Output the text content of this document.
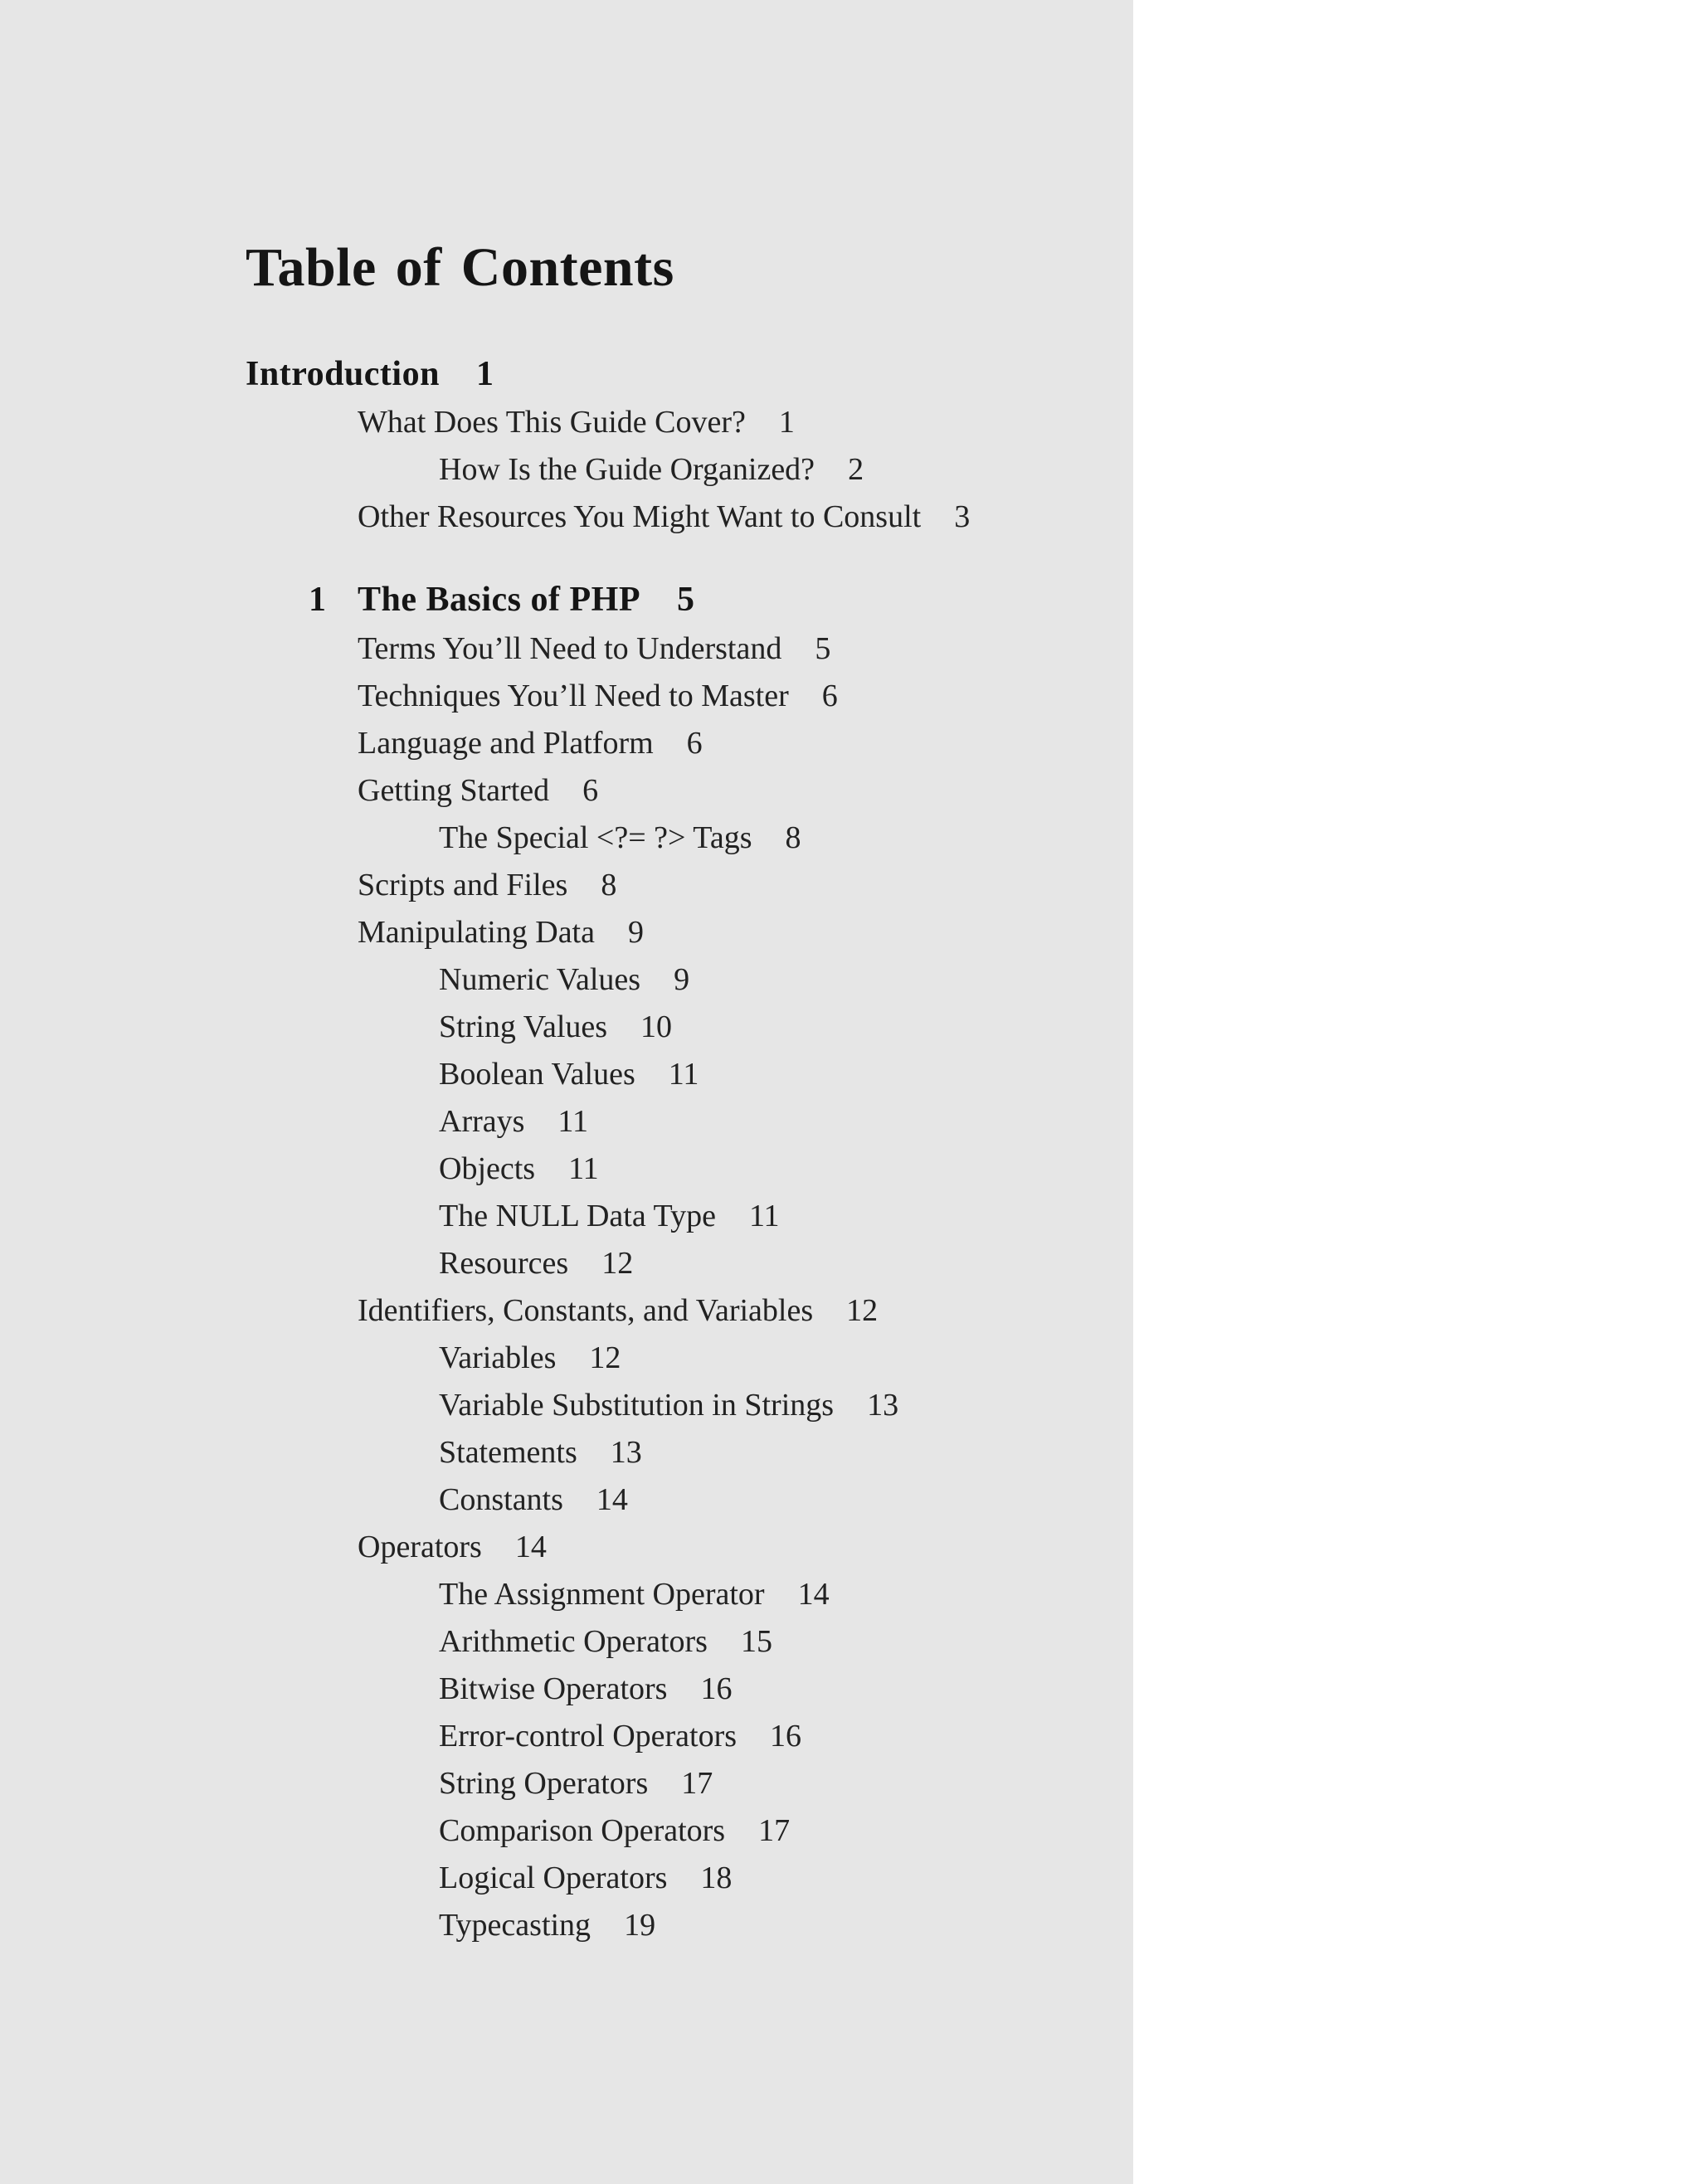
Table of Contents
Introduction 1
What Does This Guide Cover? 1
How Is the Guide Organized? 2
Other Resources You Might Want to Consult 3
1 The Basics of PHP 5
Terms You’ll Need to Understand 5
Techniques You’ll Need to Master 6
Language and Platform 6
Getting Started 6
The Special <?= ?> Tags 8
Scripts and Files 8
Manipulating Data 9
Numeric Values 9
String Values 10
Boolean Values 11
Arrays 11
Objects 11
The NULL Data Type 11
Resources 12
Identifiers, Constants, and Variables 12
Variables 12
Variable Substitution in Strings 13
Statements 13
Constants 14
Operators 14
The Assignment Operator 14
Arithmetic Operators 15
Bitwise Operators 16
Error-control Operators 16
String Operators 17
Comparison Operators 17
Logical Operators 18
Typecasting 19
